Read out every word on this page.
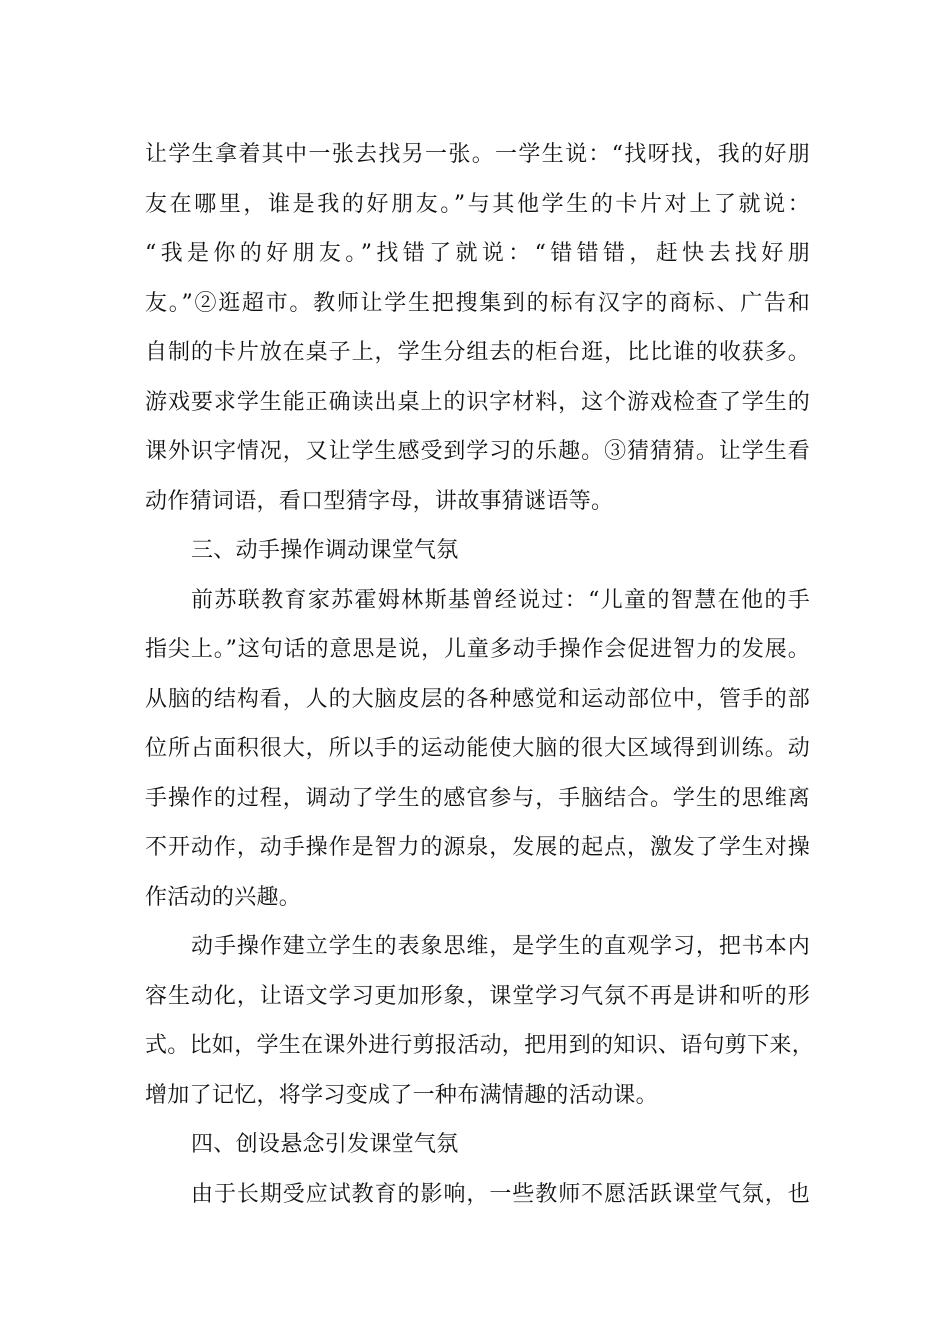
让学生拿着其中一张去找另一张。一学生说：“找呀找，我的好朋
友在哪里，谁是我的好朋友。”与其他学生的卡片对上了就说：
“我是你的好朋友。”找错了就说：“错错错，赶快去找好朋
友。”②逛超市。教师让学生把搜集到的标有汉字的商标、广告和
自制的卡片放在桌子上，学生分组去的柜台逛，比比谁的收获多。
游戏要求学生能正确读出桌上的识字材料，这个游戏检查了学生的
课外识字情况，又让学生感受到学习的乐趣。③猜猜猜。让学生看
动作猜词语，看口型猜字母，讲故事猜谜语等。
三、动手操作调动课堂气氛
前苏联教育家苏霍姆林斯基曾经说过：“儿童的智慧在他的手
指尖上。”这句话的意思是说，儿童多动手操作会促进智力的发展。
从脑的结构看，人的大脑皮层的各种感觉和运动部位中，管手的部
位所占面积很大，所以手的运动能使大脑的很大区域得到训练。动
手操作的过程，调动了学生的感官参与，手脑结合。学生的思维离
不开动作，动手操作是智力的源泉，发展的起点，激发了学生对操
作活动的兴趣。
动手操作建立学生的表象思维，是学生的直观学习，把书本内
容生动化，让语文学习更加形象，课堂学习气氛不再是讲和听的形
式。比如，学生在课外进行剪报活动，把用到的知识、语句剪下来，
增加了记忆，将学习变成了一种布满情趣的活动课。
四、创设悬念引发课堂气氛
由于长期受应试教育的影响，一些教师不愿活跃课堂气氛，也
